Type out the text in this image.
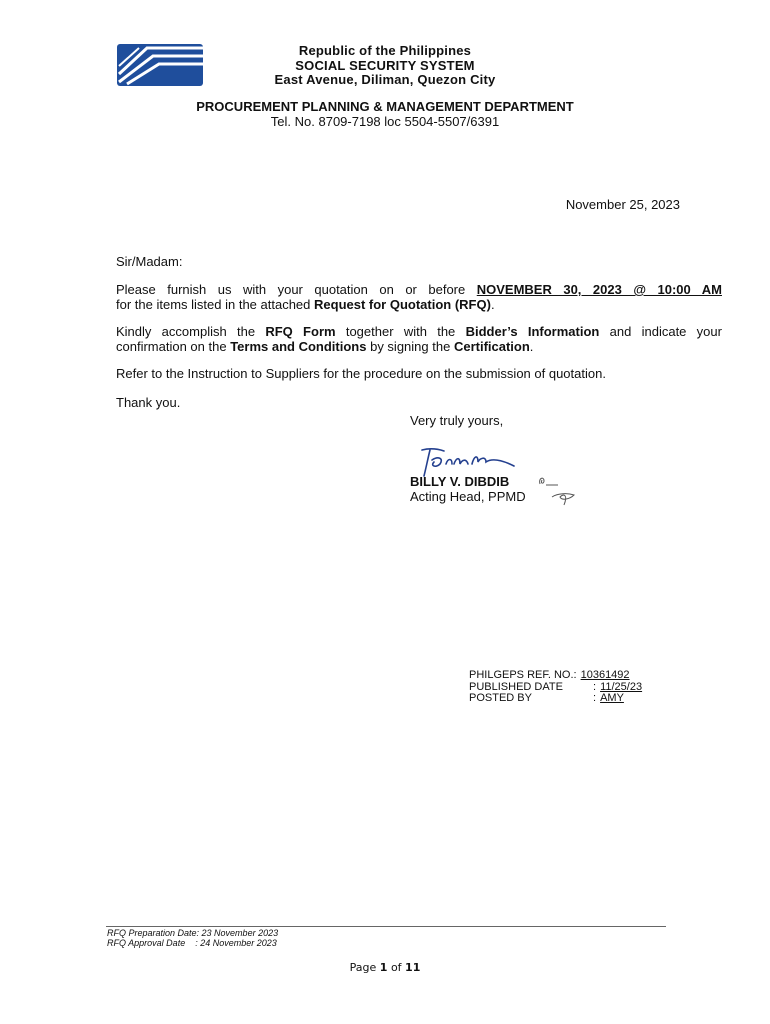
Republic of the Philippines
SOCIAL SECURITY SYSTEM
East Avenue, Diliman, Quezon City
PROCUREMENT PLANNING & MANAGEMENT DEPARTMENT
Tel. No. 8709-7198 loc 5504-5507/6391
November 25, 2023
Sir/Madam:
Please furnish us with your quotation on or before NOVEMBER 30, 2023 @ 10:00 AM
for the items listed in the attached Request for Quotation (RFQ).
Kindly accomplish the RFQ Form together with the Bidder’s Information and indicate your
confirmation on the Terms and Conditions by signing the Certification.
Refer to the Instruction to Suppliers for the procedure on the submission of quotation.
Thank you.
Very truly yours,
BILLY V. DIBDIB
Acting Head, PPMD
PHILGEPS REF. NO.: 10361492
PUBLISHED DATE	: 11/25/23
POSTED BY	: AMY
RFQ Preparation Date: 23 November 2023
RFQ Approval Date    : 24 November 2023
Page 1 of 11
